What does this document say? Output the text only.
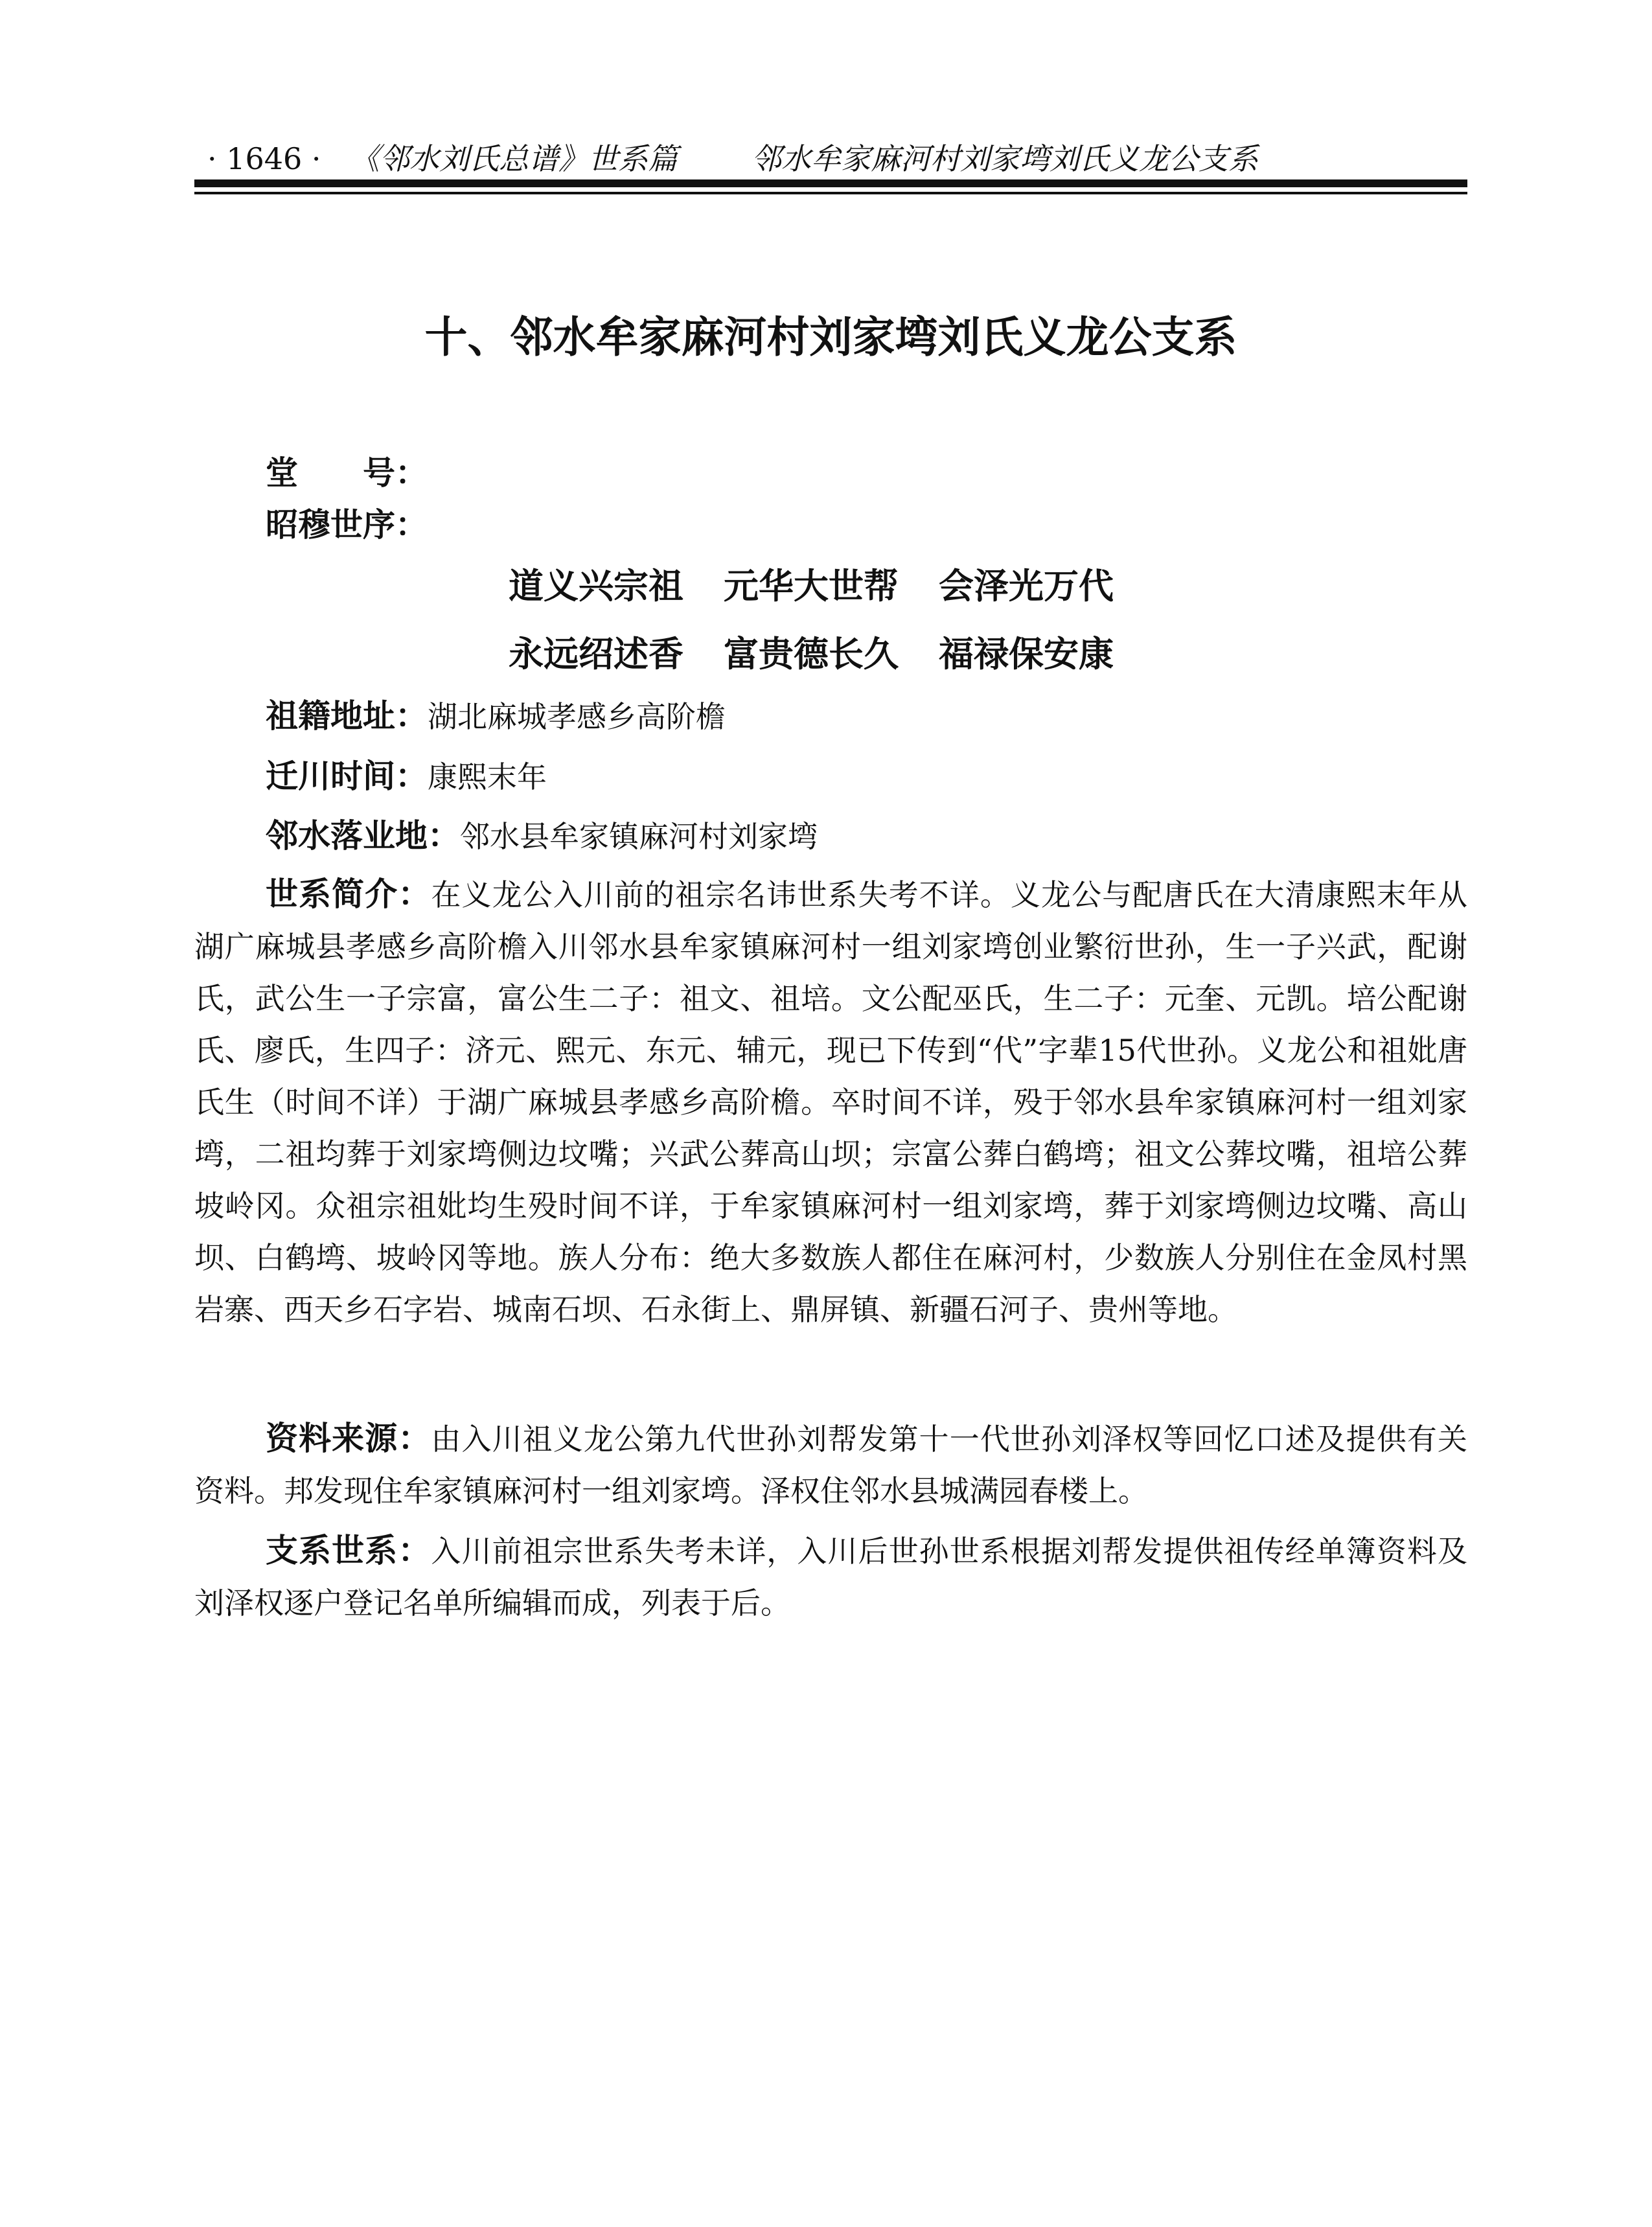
· 1646 · 《邻水刘氏总谱》世系篇 邻水牟家麻河村刘家塆刘氏义龙公支系
十、邻水牟家麻河村刘家塆刘氏义龙公支系
堂　　号：
昭穆世序：
道义兴宗祖 元华大世帮 会泽光万代
永远绍述香 富贵德长久 福禄保安康
祖籍地址：湖北麻城孝感乡高阶檐
迁川时间：康熙末年
邻水落业地：邻水县牟家镇麻河村刘家塆
世系简介：在义龙公入川前的祖宗名讳世系失考不详。义龙公与配唐氏在大清康熙末年从湖广麻城县孝感乡高阶檐入川邻水县牟家镇麻河村一组刘家塆创业繁衍世孙，生一子兴武，配谢氏，武公生一子宗富，富公生二子：祖文、祖培。文公配巫氏，生二子：元奎、元凯。培公配谢氏、廖氏，生四子：济元、熙元、东元、辅元，现已下传到“代”字辈15代世孙。义龙公和祖妣唐氏生（时间不详）于湖广麻城县孝感乡高阶檐。卒时间不详，殁于邻水县牟家镇麻河村一组刘家塆，二祖均葬于刘家塆侧边坟嘴；兴武公葬高山坝；宗富公葬白鹤塆；祖文公葬坟嘴，祖培公葬坡岭冈。众祖宗祖妣均生殁时间不详，于牟家镇麻河村一组刘家塆，葬于刘家塆侧边坟嘴、高山坝、白鹤塆、坡岭冈等地。族人分布：绝大多数族人都住在麻河村，少数族人分别住在金凤村黑岩寨、西天乡石字岩、城南石坝、石永街上、鼎屏镇、新疆石河子、贵州等地。
资料来源：由入川祖义龙公第九代世孙刘帮发第十一代世孙刘泽权等回忆口述及提供有关资料。邦发现住牟家镇麻河村一组刘家塆。泽权住邻水县城满园春楼上。
支系世系：入川前祖宗世系失考未详，入川后世孙世系根据刘帮发提供祖传经单簿资料及刘泽权逐户登记名单所编辑而成，列表于后。
